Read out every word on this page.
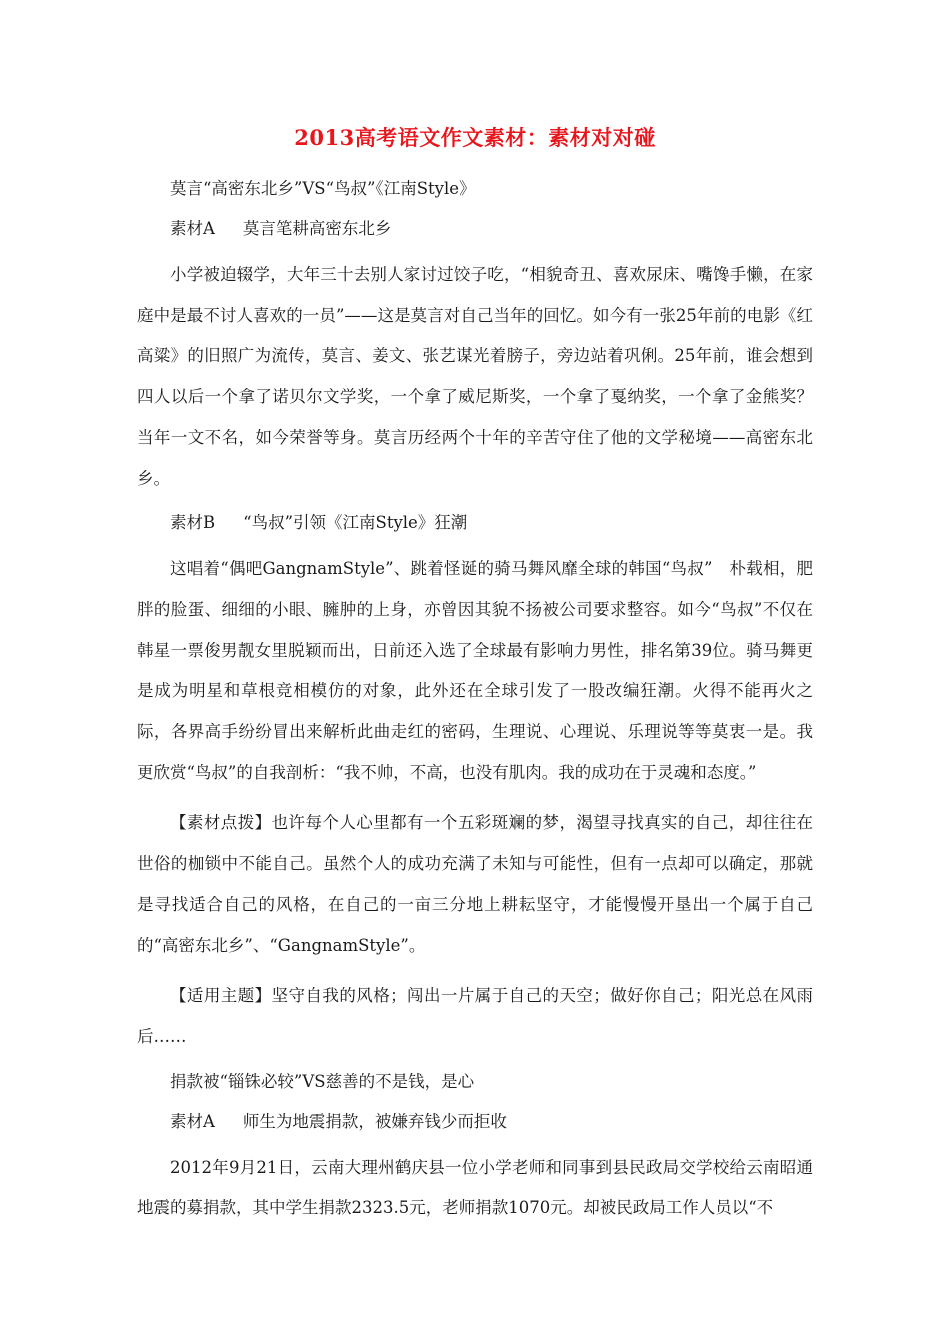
2013高考语文作文素材：素材对对碰

莫言“高密东北乡”VS“鸟叔”《江南Style》

素材A 莫言笔耕高密东北乡

小学被迫辍学，大年三十去别人家讨过饺子吃，“相貌奇丑、喜欢尿床、嘴馋手懒，在家庭中是最不讨人喜欢的一员”——这是莫言对自己当年的回忆。如今有一张25年前的电影《红高粱》的旧照广为流传，莫言、姜文、张艺谋光着膀子，旁边站着巩俐。25年前，谁会想到四人以后一个拿了诺贝尔文学奖，一个拿了威尼斯奖，一个拿了戛纳奖，一个拿了金熊奖？当年一文不名，如今荣誉等身。莫言历经两个十年的辛苦守住了他的文学秘境——高密东北乡。

素材B “鸟叔”引领《江南Style》狂潮

这唱着“偶吧GangnamStyle”、跳着怪诞的骑马舞风靡全球的韩国“鸟叔”　朴载相，肥胖的脸蛋、细细的小眼、臃肿的上身，亦曾因其貌不扬被公司要求整容。如今“鸟叔”不仅在韩星一票俊男靓女里脱颖而出，日前还入选了全球最有影响力男性，排名第39位。骑马舞更是成为明星和草根竞相模仿的对象，此外还在全球引发了一股改编狂潮。火得不能再火之际，各界高手纷纷冒出来解析此曲走红的密码，生理说、心理说、乐理说等等莫衷一是。我更欣赏“鸟叔”的自我剖析：“我不帅，不高，也没有肌肉。我的成功在于灵魂和态度。”

【素材点拨】也许每个人心里都有一个五彩斑斓的梦，渴望寻找真实的自己，却往往在世俗的枷锁中不能自己。虽然个人的成功充满了未知与可能性，但有一点却可以确定，那就是寻找适合自己的风格，在自己的一亩三分地上耕耘坚守，才能慢慢开垦出一个属于自己的“高密东北乡”、“GangnamStyle”。

【适用主题】坚守自我的风格；闯出一片属于自己的天空；做好你自己；阳光总在风雨后……

捐款被“锱铢必较”VS慈善的不是钱，是心

素材A 师生为地震捐款，被嫌弃钱少而拒收

2012年9月21日，云南大理州鹤庆县一位小学老师和同事到县民政局交学校给云南昭通地震的募捐款，其中学生捐款2323.5元，老师捐款1070元。却被民政局工作人员以“不
